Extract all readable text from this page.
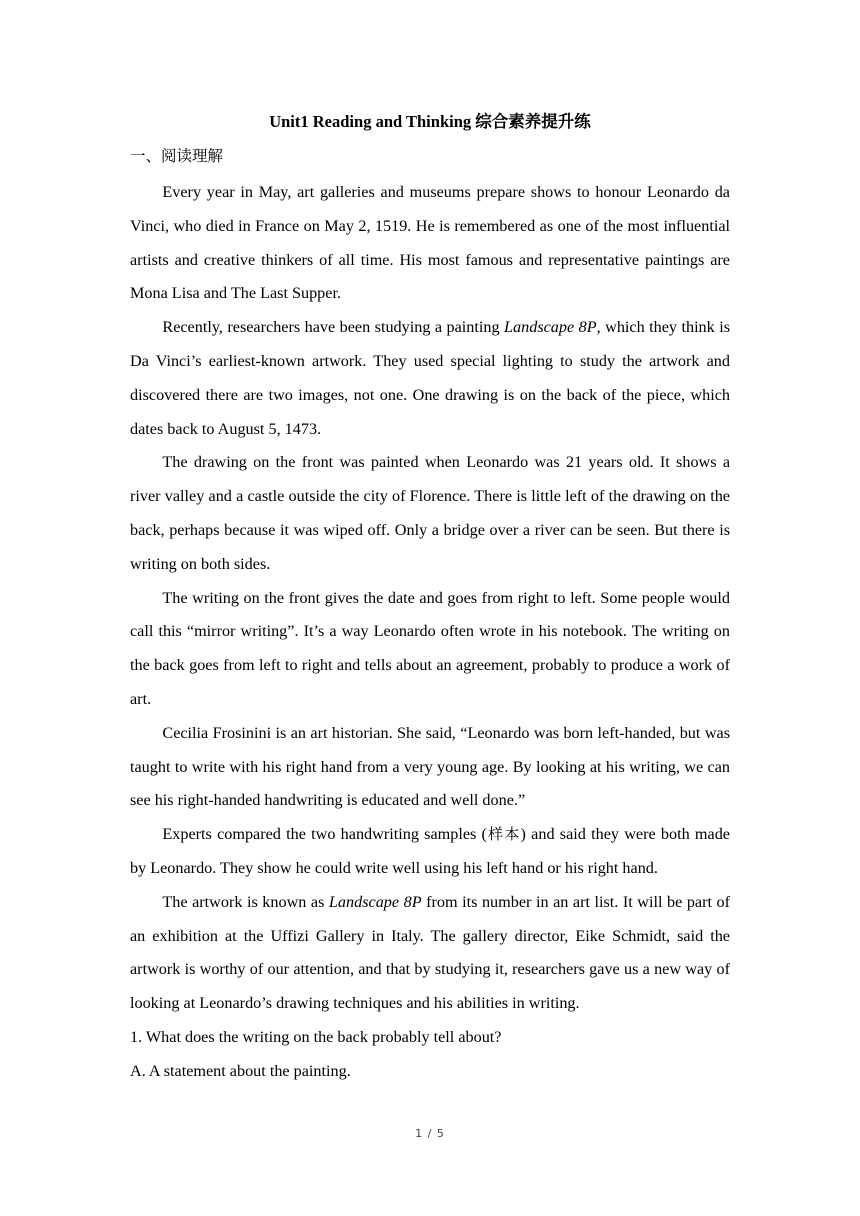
Unit1 Reading and Thinking 综合素养提升练

一、阅读理解

Every year in May, art galleries and museums prepare shows to honour Leonardo da Vinci, who died in France on May 2, 1519. He is remembered as one of the most influential artists and creative thinkers of all time. His most famous and representative paintings are Mona Lisa and The Last Supper.

Recently, researchers have been studying a painting Landscape 8P, which they think is Da Vinci’s earliest-known artwork. They used special lighting to study the artwork and discovered there are two images, not one. One drawing is on the back of the piece, which dates back to August 5, 1473.

The drawing on the front was painted when Leonardo was 21 years old. It shows a river valley and a castle outside the city of Florence. There is little left of the drawing on the back, perhaps because it was wiped off. Only a bridge over a river can be seen. But there is writing on both sides.

The writing on the front gives the date and goes from right to left. Some people would call this “mirror writing”. It’s a way Leonardo often wrote in his notebook. The writing on the back goes from left to right and tells about an agreement, probably to produce a work of art.

Cecilia Frosinini is an art historian. She said, “Leonardo was born left-handed, but was taught to write with his right hand from a very young age. By looking at his writing, we can see his right-handed handwriting is educated and well done.”

Experts compared the two handwriting samples (样本) and said they were both made by Leonardo. They show he could write well using his left hand or his right hand.

The artwork is known as Landscape 8P from its number in an art list. It will be part of an exhibition at the Uffizi Gallery in Italy. The gallery director, Eike Schmidt, said the artwork is worthy of our attention, and that by studying it, researchers gave us a new way of looking at Leonardo’s drawing techniques and his abilities in writing.

1. What does the writing on the back probably tell about?

A. A statement about the painting.

1 / 5
